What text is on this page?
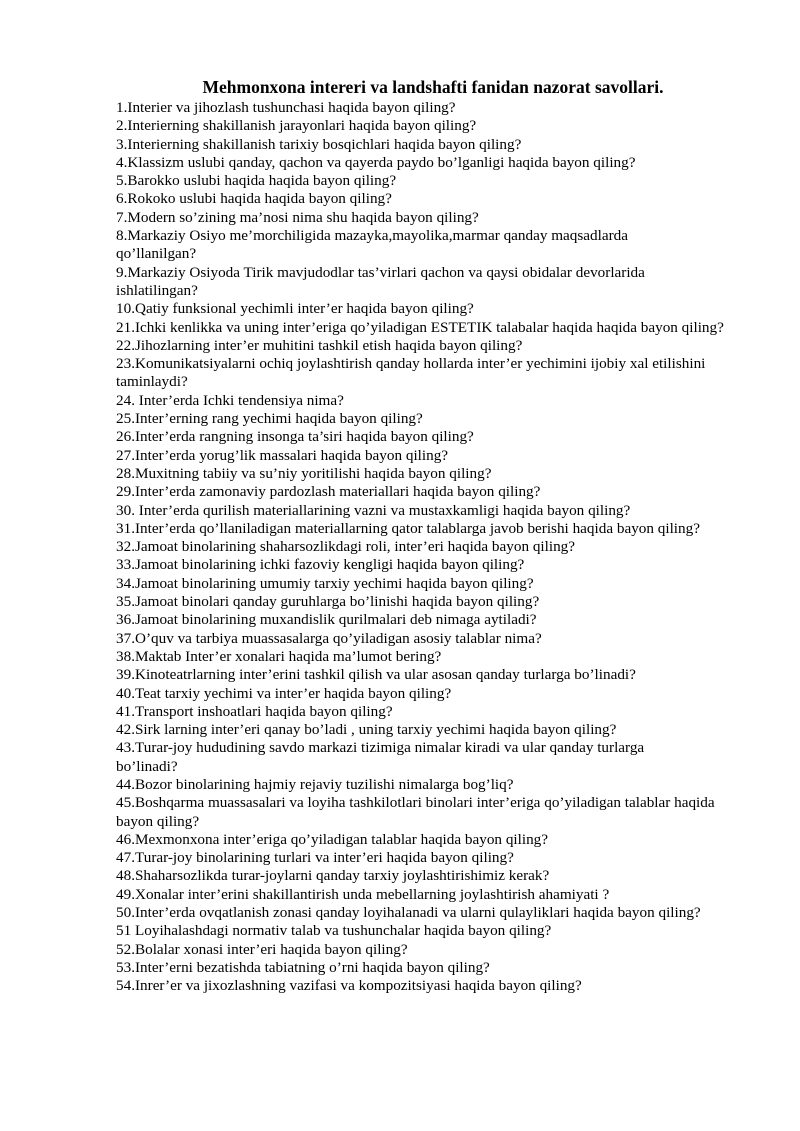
Mehmonxona intereri va landshafti fanidan nazorat savollari.
1.Interier va jihozlash tushunchasi haqida bayon qiling?
2.Interierning shakillanish jarayonlari haqida bayon qiling?
3.Interierning shakillanish tarixiy bosqichlari haqida bayon qiling?
4.Klassizm uslubi qanday, qachon va qayerda paydo bo’lganligi haqida bayon qiling?
5.Barokko uslubi haqida haqida bayon qiling?
6.Rokoko uslubi haqida haqida bayon qiling?
7.Modern so’zining ma’nosi nima shu haqida bayon qiling?
8.Markaziy Osiyo me’morchiligida mazayka,mayolika,marmar qanday maqsadlarda qo’llanilgan?
9.Markaziy Osiyoda Tirik mavjudodlar tas’virlari qachon va qaysi obidalar devorlarida ishlatilingan?
10.Qatiy funksional yechimli inter’er haqida bayon qiling?
21.Ichki kenlikka va uning inter’eriga qo’yiladigan ESTETIK talabalar haqida haqida bayon qiling?
22.Jihozlarning inter’er muhitini tashkil etish haqida bayon qiling?
23.Komunikatsiyalarni ochiq joylashtirish qanday hollarda inter’er yechimini ijobiy xal etilishini taminlaydi?
24. Inter’erda Ichki tendensiya nima?
25.Inter’erning rang yechimi haqida bayon qiling?
26.Inter’erda rangning insonga ta’siri haqida bayon qiling?
27.Inter’erda yorug’lik massalari haqida bayon qiling?
28.Muxitning tabiiy va su’niy yoritilishi haqida bayon qiling?
29.Inter’erda zamonaviy pardozlash materiallari haqida bayon qiling?
30. Inter’erda qurilish materiallarining vazni va mustaxkamligi haqida bayon qiling?
31.Inter’erda qo’llaniladigan materiallarning qator talablarga javob berishi haqida bayon qiling?
32.Jamoat binolarining shaharsozlikdagi roli, inter’eri haqida bayon qiling?
33.Jamoat binolarining ichki fazoviy kengligi haqida bayon qiling?
34.Jamoat binolarining umumiy tarxiy yechimi haqida bayon qiling?
35.Jamoat binolari qanday guruhlarga bo’linishi haqida bayon qiling?
36.Jamoat binolarining muxandislik qurilmalari deb nimaga aytiladi?
37.O’quv va tarbiya muassasalarga qo’yiladigan asosiy talablar nima?
38.Maktab Inter’er xonalari haqida ma’lumot bering?
39.Kinoteatrlarning inter’erini tashkil qilish va ular asosan qanday turlarga bo’linadi?
40.Teat tarxiy yechimi va inter’er haqida bayon qiling?
41.Transport inshoatlari haqida bayon qiling?
42.Sirk larning inter’eri qanay bo’ladi , uning tarxiy yechimi haqida bayon qiling?
43.Turar-joy hududining savdo markazi tizimiga nimalar kiradi va ular qanday turlarga bo’linadi?
44.Bozor binolarining hajmiy rejaviy tuzilishi nimalarga bog’liq?
45.Boshqarma muassasalari va loyiha tashkilotlari binolari inter’eriga qo’yiladigan talablar haqida bayon qiling?
46.Mexmonxona inter’eriga qo’yiladigan talablar haqida bayon qiling?
47.Turar-joy binolarining turlari va inter’eri haqida bayon qiling?
48.Shaharsozlikda turar-joylarni qanday tarxiy joylashtirishimiz kerak?
49.Xonalar inter’erini shakillantirish unda mebellarning joylashtirish ahamiyati ?
50.Inter’erda ovqatlanish zonasi qanday loyihalanadi va ularni qulayliklari haqida bayon qiling?
51 Loyihalashdagi normativ talab va tushunchalar haqida bayon qiling?
52.Bolalar xonasi inter’eri haqida bayon qiling?
53.Inter’erni bezatishda tabiatning o’rni haqida bayon qiling?
54.Inrer’er va jixozlashning vazifasi va kompozitsiyasi haqida bayon qiling?
